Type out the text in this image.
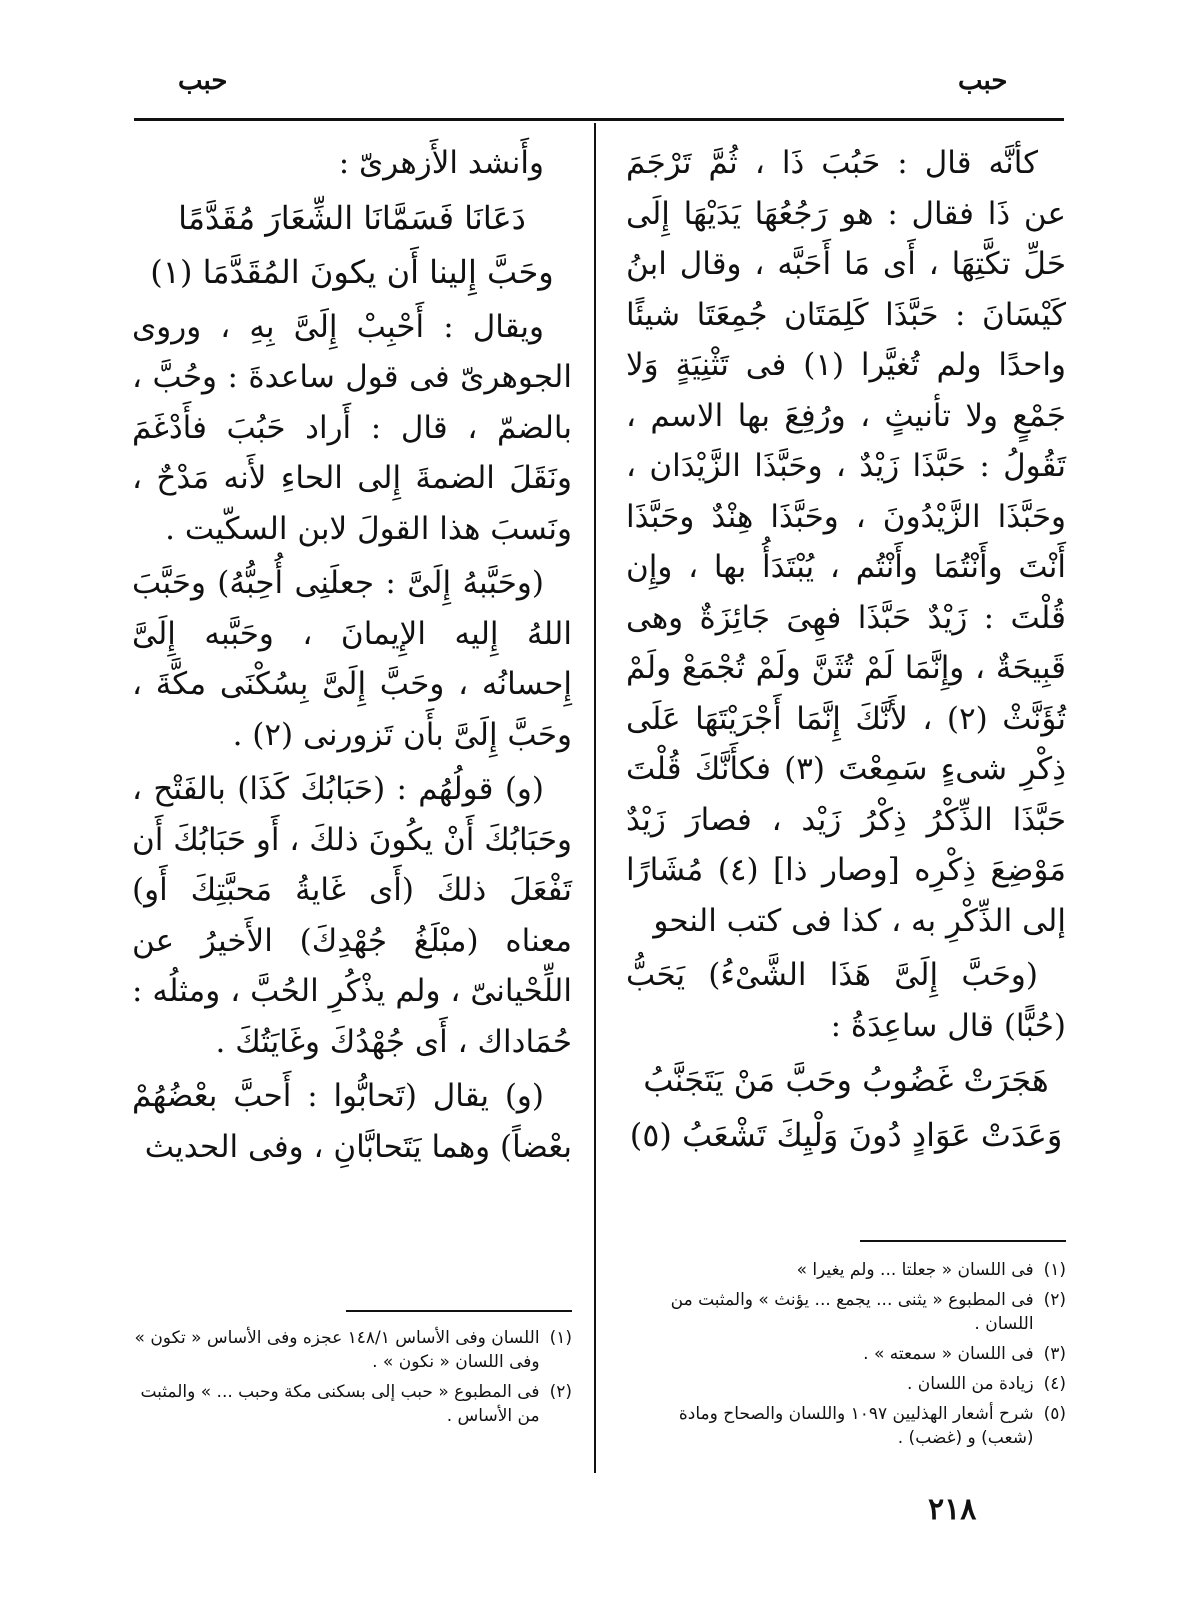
حبب
حبب

كأنَّه قال : حَبُبَ ذَا ، ثُمَّ تَرْجَمَ عن ذَا فقال : هو رَجُعُهَا يَدَيْهَا إِلَى حَلِّ تكَّتِهَا ، أَى مَا أَحَبَّه ، وقال ابنُ كَيْسَانَ : حَبَّذَا كَلِمَتَان جُمِعَتَا شيئًا واحدًا ولم تُغيَّرا (١) فى تَثْنِيَةٍ وَلا جَمْعٍ ولا تأنيثٍ ، ورُفِعَ بها الاسم ، تَقُولُ : حَبَّذَا زَيْدٌ ، وحَبَّذَا الزَّيْدَان ، وحَبَّذَا الزَّيْدُونَ ، وحَبَّذَا هِنْدٌ وحَبَّذَا أَنْتَ وأَنْتُمَا وأَنْتُم ، يُبْتَدَأُ بها ، وإِن قُلْتَ : زَيْدٌ حَبَّذَا فهِىَ جَائِزَةٌ وهى قَبِيحَةٌ ، وإِنَّمَا لَمْ تُثَنَّ ولَمْ تُجْمَعْ ولَمْ تُؤَنَّثْ (٢) ، لأَنَّكَ إِنَّمَا أَجْرَيْتَهَا عَلَى ذِكْرِ شىءٍ سَمِعْتَ (٣) فكأَنَّكَ قُلْتَ حَبَّذَا الذِّكْرُ ذِكْرُ زَيْد ، فصارَ زَيْدٌ مَوْضِعَ ذِكْرِه [وصار ذا] (٤) مُشَارًا إلى الذِّكْرِ به ، كذا فى كتب النحو

(وحَبَّ إِلَىَّ هَذَا الشَّىْءُ) يَحَبُّ (حُبًّا) قال ساعِدَةُ :

هَجَرَتْ غَضُوبُ وحَبَّ مَنْ يَتَجَنَّبُ

وَعَدَتْ عَوَادٍ دُونَ وَلْيِكَ تَشْعَبُ (٥)

(١)
فى اللسان « جعلتا ... ولم يغيرا »
(٢)
فى المطبوع « يثنى ... يجمع ... يؤنث » والمثبت من اللسان .
(٣)
فى اللسان « سمعته » .
(٤)
زيادة من اللسان .
(٥)
شرح أشعار الهذليين ١٠٩٧ واللسان والصحاح ومادة (شعب) و (غضب) .

وأَنشد الأَزهرىّ :

دَعَانَا فَسَمَّانَا الشِّعَارَ مُقَدَّمًا

وحَبَّ إِلينا أَن يكونَ المُقَدَّمَا (١)

ويقال : أَحْبِبْ إِلَىَّ بِهِ ، وروى الجوهرىّ فى قول ساعدةَ : وحُبَّ ، بالضمّ ، قال : أَراد حَبُبَ فأَدْغَمَ ونَقَلَ الضمةَ إِلى الحاءِ لأَنه مَدْحٌ ، ونَسبَ هذا القولَ لابن السكّيت .

(وحَبَّبهُ إِلَىَّ : جعلَنِى أُحِبُّهُ) وحَبَّبَ اللهُ إِليه الإِيمانَ ، وحَبَّبه إِلَىَّ إِحسانُه ، وحَبَّ إِلَىَّ بِسُكْنَى مكَّةَ ، وحَبَّ إِلَىَّ بأَن تَزورنى (٢) .

(و) قولُهُم : (حَبَابُكَ كَذَا) بالفَتْح ، وحَبَابُكَ أَنْ يكُونَ ذلكَ ، أَو حَبَابُكَ أَن تَفْعَلَ ذلكَ (أَى غَايةُ مَحبَّتِكَ أَو) معناه (مبْلَغُ جُهْدِكَ) الأَخيرُ عن اللِّحْيانىّ ، ولم يذْكُرِ الحُبَّ ، ومثلُه : حُمَاداك ، أَى جُهْدُكَ وغَايَتُكَ .

(و) يقال (تَحابُّوا : أَحبَّ بعْضُهُمْ بعْضاً) وهما يَتَحابَّانِ ، وفى الحديث

(١)
اللسان وفى الأساس ١٤٨/١ عجزه وفى الأساس « تكون » وفى اللسان « نكون » .
(٢)
فى المطبوع « حبب إلى بسكنى مكة وحبب ... » والمثبت من الأساس .
٢١٨
